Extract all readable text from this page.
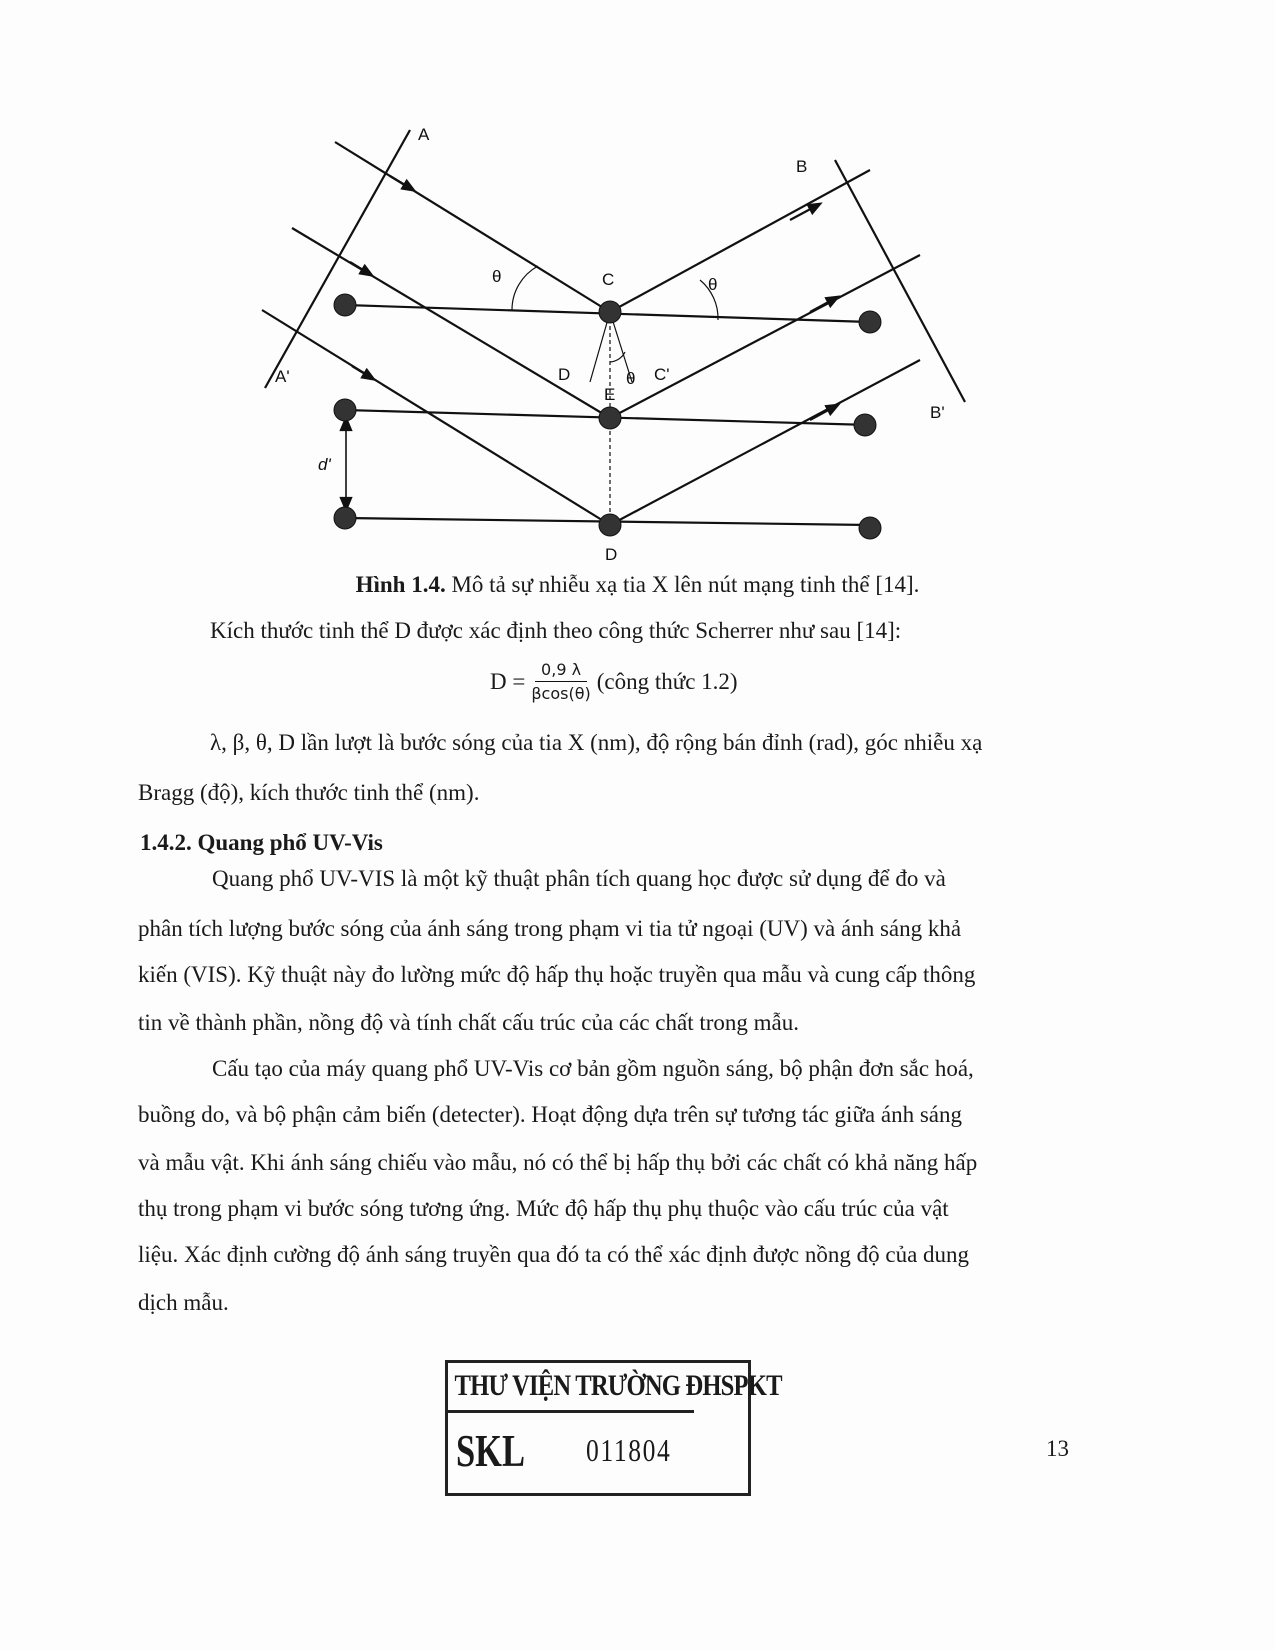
A
A'
B
B'
C
C'
D
E
D
θ	θ
θ
d'
Hình 1.4. Mô tả sự nhiễu xạ tia X lên nút mạng tinh thể [14].
Kích thước tinh thể D được xác định theo công thức Scherrer như sau [14]:
$D = \frac{0,9 \lambda}{\beta\cos(\theta)}$ (công thức 1.2)
λ, β, θ, D lần lượt là bước sóng của tia X (nm), độ rộng bán đỉnh (rad), góc nhiễu xạ
Bragg (độ), kích thước tinh thể (nm).
1.4.2. Quang phổ UV-Vis
Quang phổ UV-VIS là một kỹ thuật phân tích quang học được sử dụng để đo và
phân tích lượng bước sóng của ánh sáng trong phạm vi tia tử ngoại (UV) và ánh sáng khả
kiến (VIS). Kỹ thuật này đo lường mức độ hấp thụ hoặc truyền qua mẫu và cung cấp thông
tin về thành phần, nồng độ và tính chất cấu trúc của các chất trong mẫu.
Cấu tạo của máy quang phổ UV-Vis cơ bản gồm nguồn sáng, bộ phận đơn sắc hoá,
buồng do, và bộ phận cảm biến (detecter). Hoạt động dựa trên sự tương tác giữa ánh sáng
và mẫu vật. Khi ánh sáng chiếu vào mẫu, nó có thể bị hấp thụ bởi các chất có khả năng hấp
thụ trong phạm vi bước sóng tương ứng. Mức độ hấp thụ phụ thuộc vào cấu trúc của vật
liệu. Xác định cường độ ánh sáng truyền qua đó ta có thể xác định được nồng độ của dung
dịch mẫu.
THƯ VIỆN TRƯỜNG ĐHSPKT
SKL 011804	13
